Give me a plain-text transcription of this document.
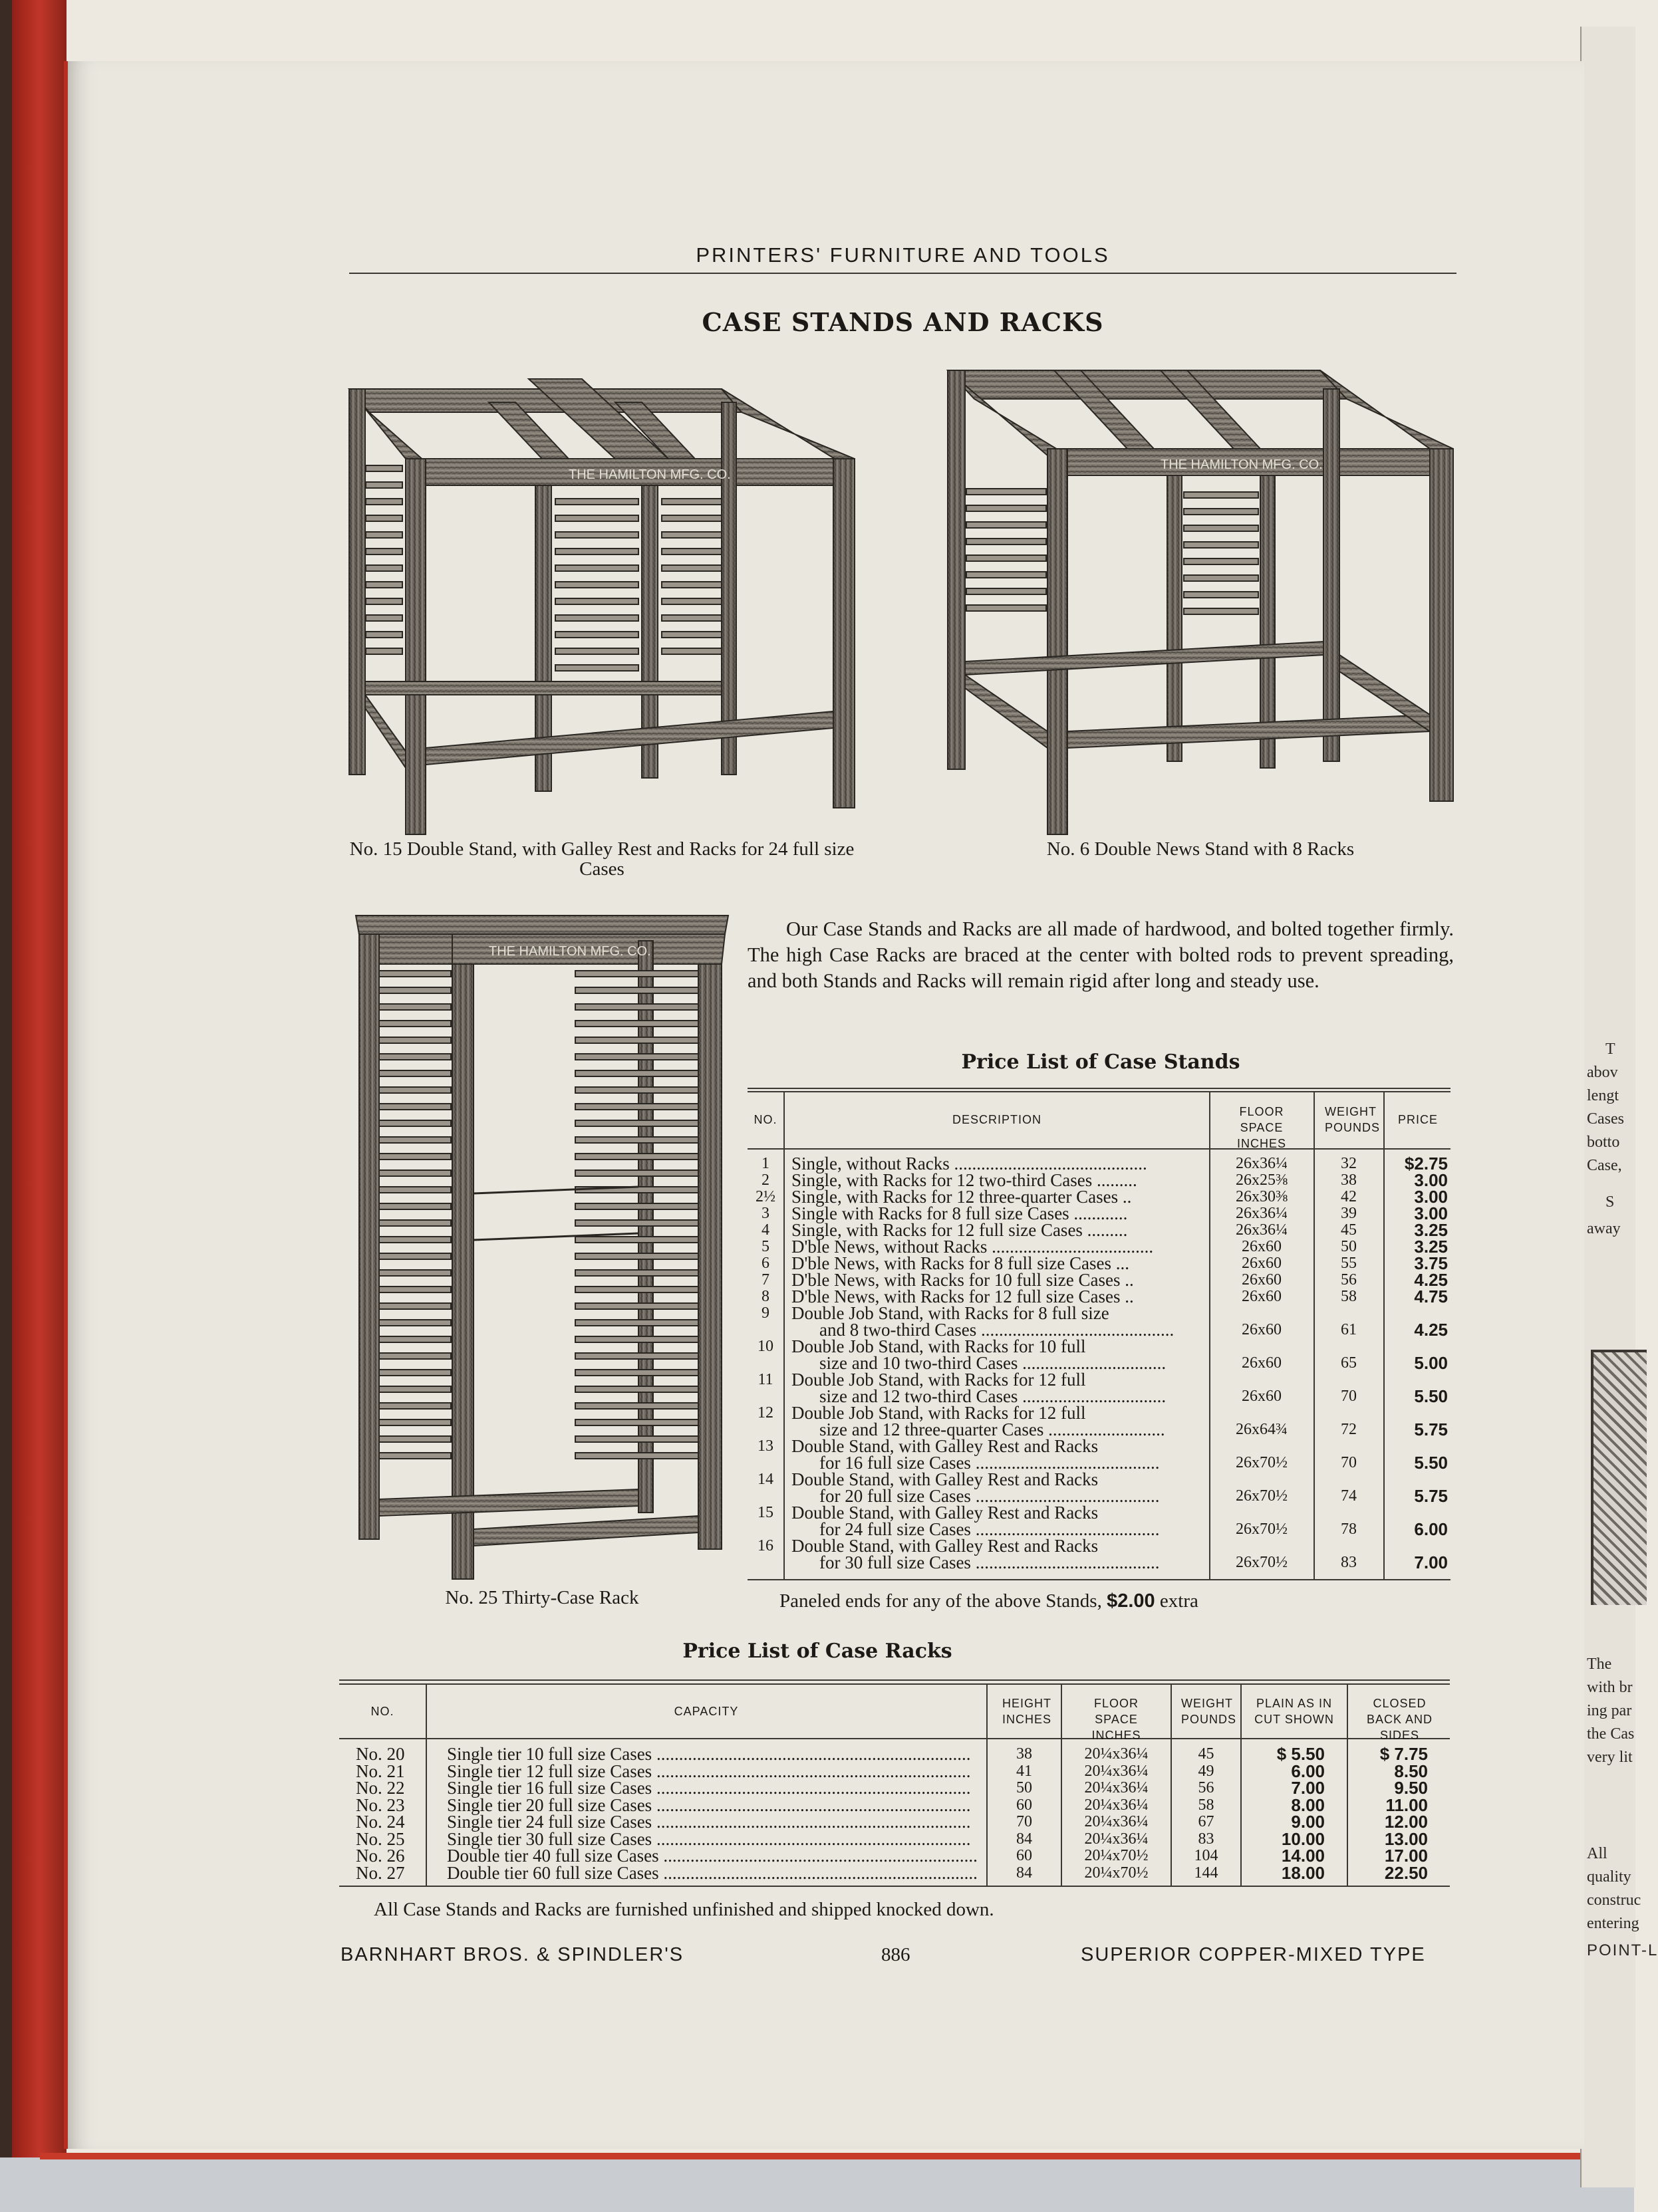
T
abov
lengt
Cases
botto
Case,
S
away
The
with br
ing par
the Cas
very lit
All
quality
construc
entering
POINT-L
PRINTERS' FURNITURE AND TOOLS
CASE STANDS AND RACKS
THE HAMILTON MFG. CO.
No. 15 Double Stand, with Galley Rest and Racks for 24 full size Cases
THE HAMILTON MFG. CO.
No. 6 Double News Stand with 8 Racks
THE HAMILTON MFG. CO.
No. 25 Thirty-Case Rack
Our Case Stands and Racks are all made of hardwood, and bolted together firmly. The high Case Racks are braced at the center with bolted rods to prevent spreading, and both Stands and Racks will remain rigid after long and steady use.
Price List of Case Stands
NO.	DESCRIPTION
FLOOR SPACE INCHES
WEIGHT POUNDS
PRICE
1	Single, without Racks ...........................................	26x36¼	32	$2.75
2	Single, with Racks for 12 two-third Cases .........	26x25⅜	38	3.00
2½ Single, with Racks for 12 three-quarter Cases ..	26x30⅜	42	3.00
3	Single with Racks for 8 full size Cases ............	26x36¼	39	3.00
4	Single, with Racks for 12 full size Cases .........	26x36¼	45	3.25
5	D'ble News, without Racks ....................................	26x60	50	3.25
6	D'ble News, with Racks for 8 full size Cases ...	26x60	55	3.75
7	D'ble News, with Racks for 10 full size Cases ..	26x60	56	4.25
8	D'ble News, with Racks for 12 full size Cases ..	26x60	58	4.75
9	Double Job Stand, with Racks for 8 full size
and 8 two-third Cases ...........................................	26x60	61	4.25
10	Double Job Stand, with Racks for 10 full
size and 10 two-third Cases ................................	26x60	65	5.00
11	Double Job Stand, with Racks for 12 full
size and 12 two-third Cases ................................	26x60	70	5.50
12	Double Job Stand, with Racks for 12 full
size and 12 three-quarter Cases ..........................	26x64¾	72	5.75
13	Double Stand, with Galley Rest and Racks
for 16 full size Cases .........................................	26x70½	70	5.50
14	Double Stand, with Galley Rest and Racks
for 20 full size Cases .........................................	26x70½	74	5.75
15	Double Stand, with Galley Rest and Racks
for 24 full size Cases .........................................	26x70½	78	6.00
16	Double Stand, with Galley Rest and Racks
for 30 full size Cases .........................................	26x70½	83	7.00
Paneled ends for any of the above Stands, $2.00 extra
Price List of Case Racks
NO.	CAPACITY
HEIGHT INCHES
FLOOR SPACE INCHES
WEIGHT POUNDS
PLAIN AS IN CUT SHOWN
CLOSED BACK AND SIDES
No. 20	Single tier 10 full size Cases ......................................................................	38	20¼x36¼	45	$ 5.50	$ 7.75
No. 21	Single tier 12 full size Cases ......................................................................	41	20¼x36¼	49	6.00	8.50
No. 22	Single tier 16 full size Cases ......................................................................	50	20¼x36¼	56	7.00	9.50
No. 23	Single tier 20 full size Cases ......................................................................	60	20¼x36¼	58	8.00	11.00
No. 24	Single tier 24 full size Cases ......................................................................	70	20¼x36¼	67	9.00	12.00
No. 25	Single tier 30 full size Cases ......................................................................	84	20¼x36¼	83	10.00	13.00
No. 26	Double tier 40 full size Cases ......................................................................	60	20¼x70½	104	14.00	17.00
No. 27	Double tier 60 full size Cases ......................................................................	84	20¼x70½	144	18.00	22.50
All Case Stands and Racks are furnished unfinished and shipped knocked down.
BARNHART BROS. & SPINDLER'S	886	SUPERIOR COPPER-MIXED TYPE
